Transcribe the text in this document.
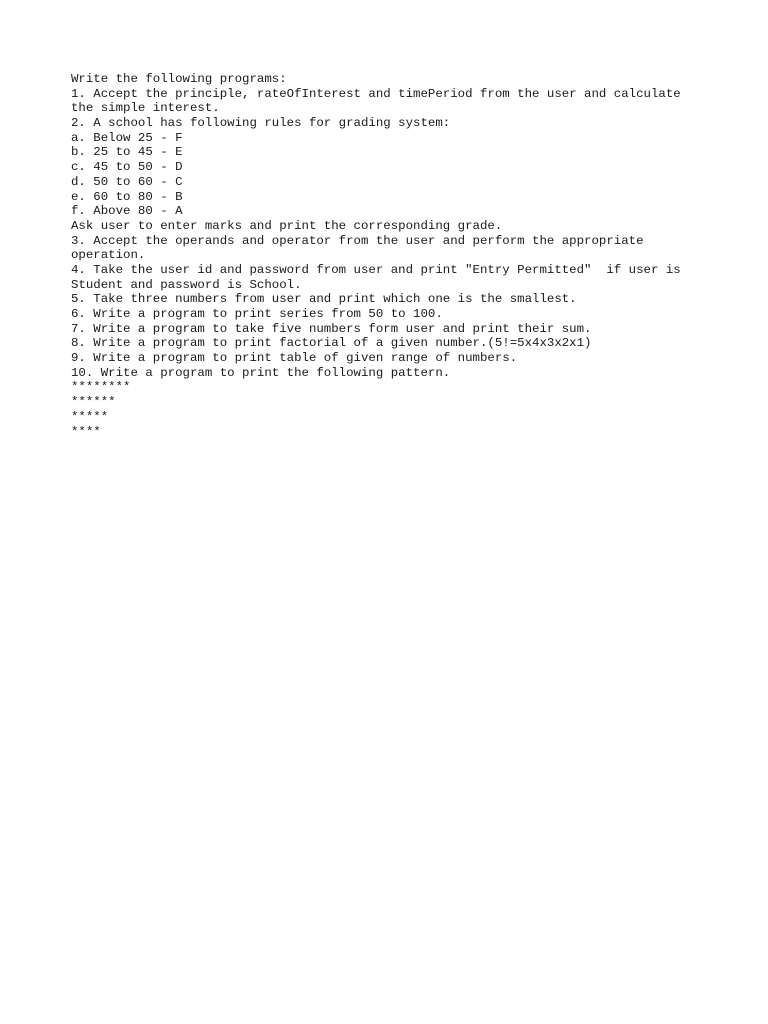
Write the following programs:
1. Accept the principle, rateOfInterest and timePeriod from the user and calculate
the simple interest.
2. A school has following rules for grading system:
a. Below 25 - F
b. 25 to 45 - E
c. 45 to 50 - D
d. 50 to 60 - C
e. 60 to 80 - B
f. Above 80 - A
Ask user to enter marks and print the corresponding grade.
3. Accept the operands and operator from the user and perform the appropriate
operation.
4. Take the user id and password from user and print "Entry Permitted"  if user is
Student and password is School.
5. Take three numbers from user and print which one is the smallest.
6. Write a program to print series from 50 to 100.
7. Write a program to take five numbers form user and print their sum.
8. Write a program to print factorial of a given number.(5!=5x4x3x2x1)
9. Write a program to print table of given range of numbers.
10. Write a program to print the following pattern.
********
******
*****
****
